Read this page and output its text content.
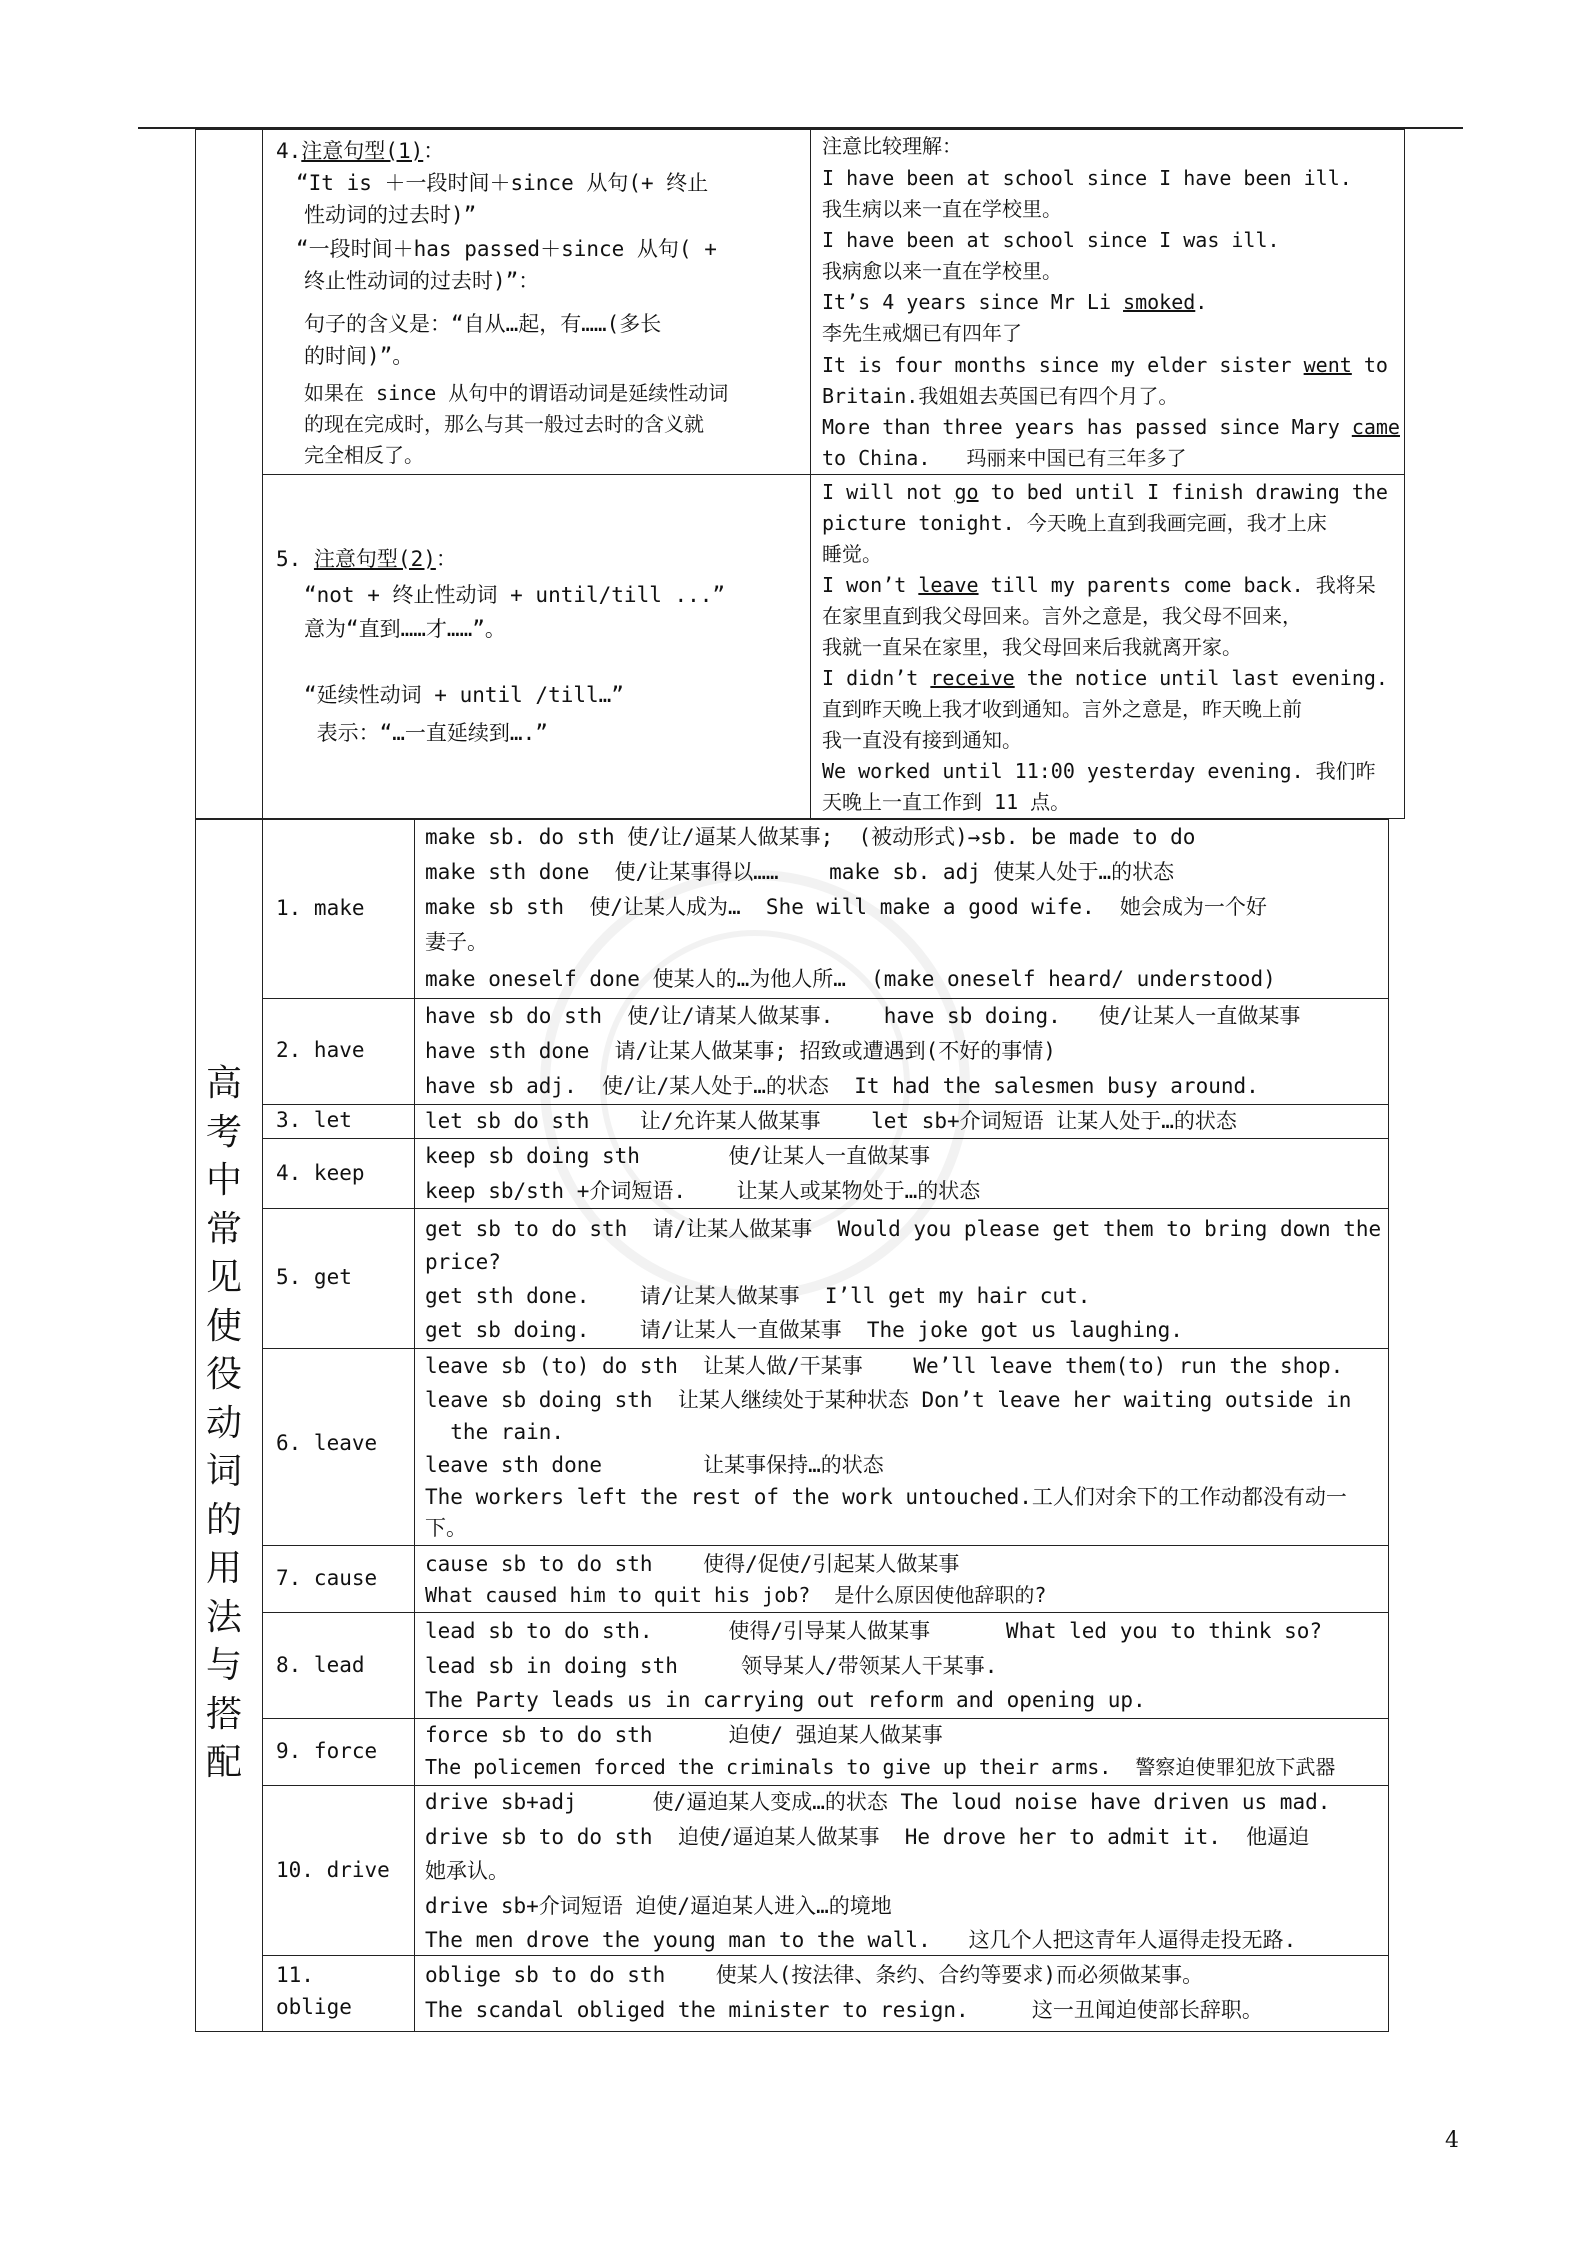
4.注意句型(1)：
“It is ＋一段时间＋since 从句(+ 终止
性动词的过去时)”
“一段时间＋has passed＋since 从句( +
终止性动词的过去时)”：
句子的含义是：“自从…起，有……(多长
的时间)”。
如果在 since 从句中的谓语动词是延续性动词
的现在完成时，那么与其一般过去时的含义就
完全相反了。
注意比较理解：
I have been at school since I have been ill.
我生病以来一直在学校里。
I have been at school since I was ill.
我病愈以来一直在学校里。
It’s 4 years since Mr Li smoked.
李先生戒烟已有四年了
It is four months since my elder sister went to
Britain.我姐姐去英国已有四个月了。
More than three years has passed since Mary came
to China.   玛丽来中国已有三年多了
5. 注意句型(2)：
“not + 终止性动词 + until/till ...”
意为“直到……才……”。
“延续性动词 + until /till…”
表示：“…一直延续到….”
I will not go to bed until I finish drawing the
picture tonight. 今天晚上直到我画完画，我才上床
睡觉。
I won’t leave till my parents come back. 我将呆
在家里直到我父母回来。言外之意是，我父母不回来，
我就一直呆在家里，我父母回来后我就离开家。
I didn’t receive the notice until last evening.
直到昨天晚上我才收到通知。言外之意是，昨天晚上前
我一直没有接到通知。
We worked until 11:00 yesterday evening. 我们昨
天晚上一直工作到 11 点。
高考中常见使役动词的用法与搭配
1. make
2. have
3. let
4. keep
5. get
6. leave
7. cause
8. lead
9. force
10. drive
11.
oblige
make sb. do sth 使/让/逼某人做某事;  (被动形式)→sb. be made to do
make sth done  使/让某事得以……    make sb. adj 使某人处于…的状态
make sb sth  使/让某人成为…  She will make a good wife.  她会成为一个好
妻子。
make oneself done 使某人的…为他人所…  (make oneself heard/ understood)
have sb do sth  使/让/请某人做某事.    have sb doing.   使/让某人一直做某事
have sth done  请/让某人做某事; 招致或遭遇到(不好的事情)
have sb adj.  使/让/某人处于…的状态  It had the salesmen busy around.
let sb do sth    让/允许某人做某事    let sb+介词短语 让某人处于…的状态
keep sb doing sth       使/让某人一直做某事
keep sb/sth +介词短语.    让某人或某物处于…的状态
get sb to do sth  请/让某人做某事  Would you please get them to bring down the
price?
get sth done.    请/让某人做某事  I’ll get my hair cut.
get sb doing.    请/让某人一直做某事  The joke got us laughing.
leave sb (to) do sth  让某人做/干某事    We’ll leave them(to) run the shop.
leave sb doing sth  让某人继续处于某种状态 Don’t leave her waiting outside in
the rain.
leave sth done        让某事保持…的状态
The workers left the rest of the work untouched.工人们对余下的工作动都没有动一
下。
cause sb to do sth    使得/促使/引起某人做某事
What caused him to quit his job?  是什么原因使他辞职的?
lead sb to do sth.      使得/引导某人做某事      What led you to think so?
lead sb in doing sth     领导某人/带领某人干某事.
The Party leads us in carrying out reform and opening up.
force sb to do sth      迫使/ 强迫某人做某事
The policemen forced the criminals to give up their arms.  警察迫使罪犯放下武器
drive sb+adj      使/逼迫某人变成…的状态 The loud noise have driven us mad.
drive sb to do sth  迫使/逼迫某人做某事  He drove her to admit it.  他逼迫
她承认。
drive sb+介词短语 迫使/逼迫某人进入…的境地
The men drove the young man to the wall.   这几个人把这青年人逼得走投无路.
oblige sb to do sth    使某人(按法律、条约、合约等要求)而必须做某事。
The scandal obliged the minister to resign.     这一丑闻迫使部长辞职。
4
